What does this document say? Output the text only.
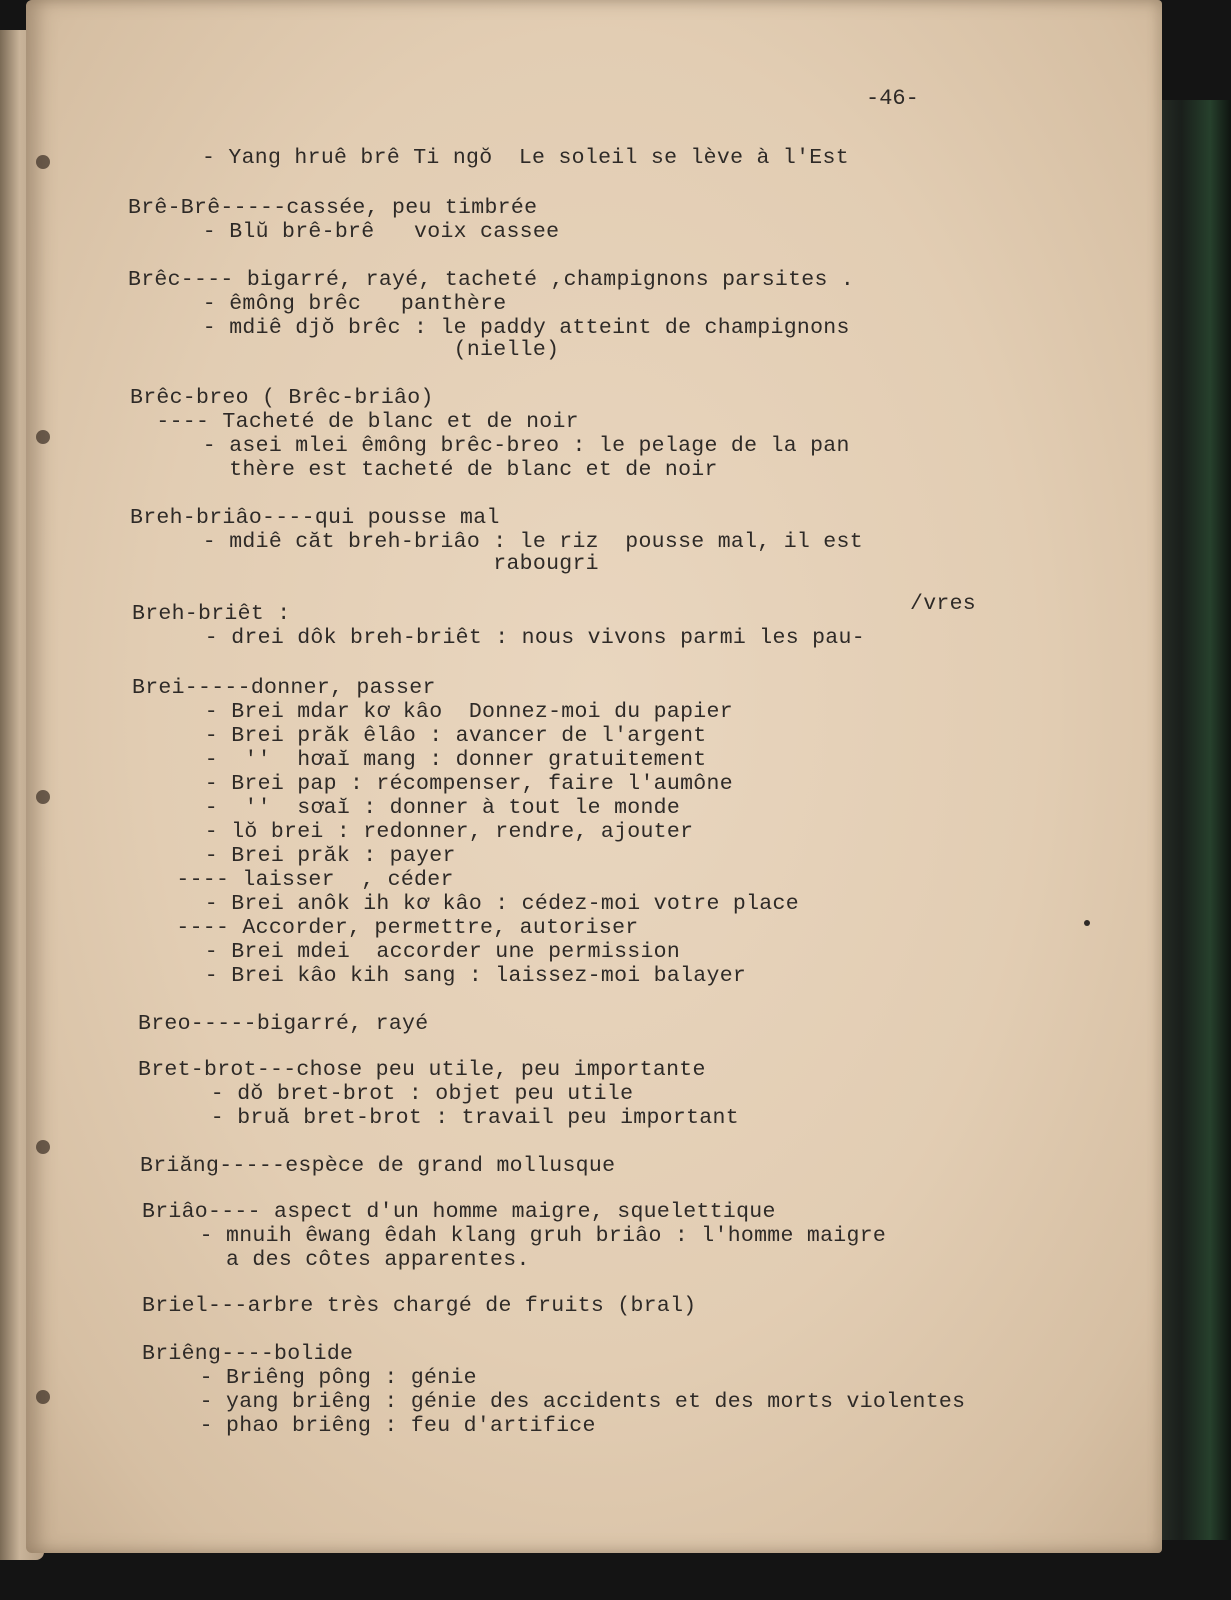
-46-
- Yang hruê brê Ti ngŏ  Le soleil se lève à l'Est
Brê-Brê-----cassée, peu timbrée
- Blŭ brê-brê   voix cassee
Brêc---- bigarré, rayé, tacheté ,champignons parsites .
- êmông brêc   panthère
- mdiê djŏ brêc : le paddy atteint de champignons
(nielle)
Brêc-breo ( Brêc-briâo)
---- Tacheté de blanc et de noir
- asei mlei êmông brêc-breo : le pelage de la pan
thère est tacheté de blanc et de noir
Breh-briâo----qui pousse mal
- mdiê căt breh-briâo : le riz  pousse mal, il est
rabougri
/vres
Breh-briêt :
- drei dôk breh-briêt : nous vivons parmi les pau-
Brei-----donner, passer
- Brei mdar kơ kâo  Donnez-moi du papier
- Brei prăk êlâo : avancer de l'argent
-  ''  hơaĭ mang : donner gratuitement
- Brei pap : récompenser, faire l'aumône
-  ''  sơaĭ : donner à tout le monde
- lŏ brei : redonner, rendre, ajouter
- Brei prăk : payer
---- laisser  , céder
- Brei anôk ih kơ kâo : cédez-moi votre place
---- Accorder, permettre, autoriser
- Brei mdei  accorder une permission
- Brei kâo kih sang : laissez-moi balayer
Breo-----bigarré, rayé
Bret-brot---chose peu utile, peu importante
- dŏ bret-brot : objet peu utile
- bruă bret-brot : travail peu important
Briăng-----espèce de grand mollusque
Briâo---- aspect d'un homme maigre, squelettique
- mnuih êwang êdah klang gruh briâo : l'homme maigre
a des côtes apparentes.
Briel---arbre très chargé de fruits (bral)
Briêng----bolide
- Briêng pông : génie
- yang briêng : génie des accidents et des morts violentes
- phao briêng : feu d'artifice
